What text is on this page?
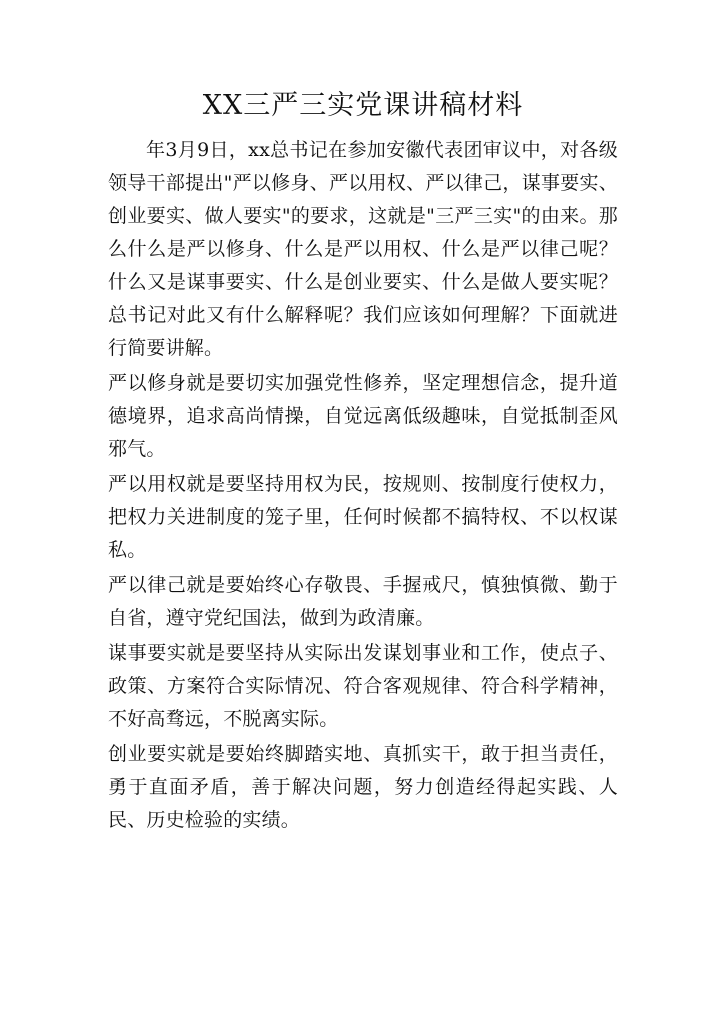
XX三严三实党课讲稿材料

年3月9日，xx总书记在参加安徽代表团审议中，对各级领导干部提出"严以修身、严以用权、严以律己，谋事要实、创业要实、做人要实"的要求，这就是"三严三实"的由来。那么什么是严以修身、什么是严以用权、什么是严以律己呢？什么又是谋事要实、什么是创业要实、什么是做人要实呢？总书记对此又有什么解释呢？我们应该如何理解？下面就进行简要讲解。

严以修身就是要切实加强党性修养，坚定理想信念，提升道德境界，追求高尚情操，自觉远离低级趣味，自觉抵制歪风邪气。

严以用权就是要坚持用权为民，按规则、按制度行使权力，把权力关进制度的笼子里，任何时候都不搞特权、不以权谋私。

严以律己就是要始终心存敬畏、手握戒尺，慎独慎微、勤于自省，遵守党纪国法，做到为政清廉。

谋事要实就是要坚持从实际出发谋划事业和工作，使点子、政策、方案符合实际情况、符合客观规律、符合科学精神，不好高骛远，不脱离实际。

创业要实就是要始终脚踏实地、真抓实干，敢于担当责任，勇于直面矛盾，善于解决问题，努力创造经得起实践、人民、历史检验的实绩。
